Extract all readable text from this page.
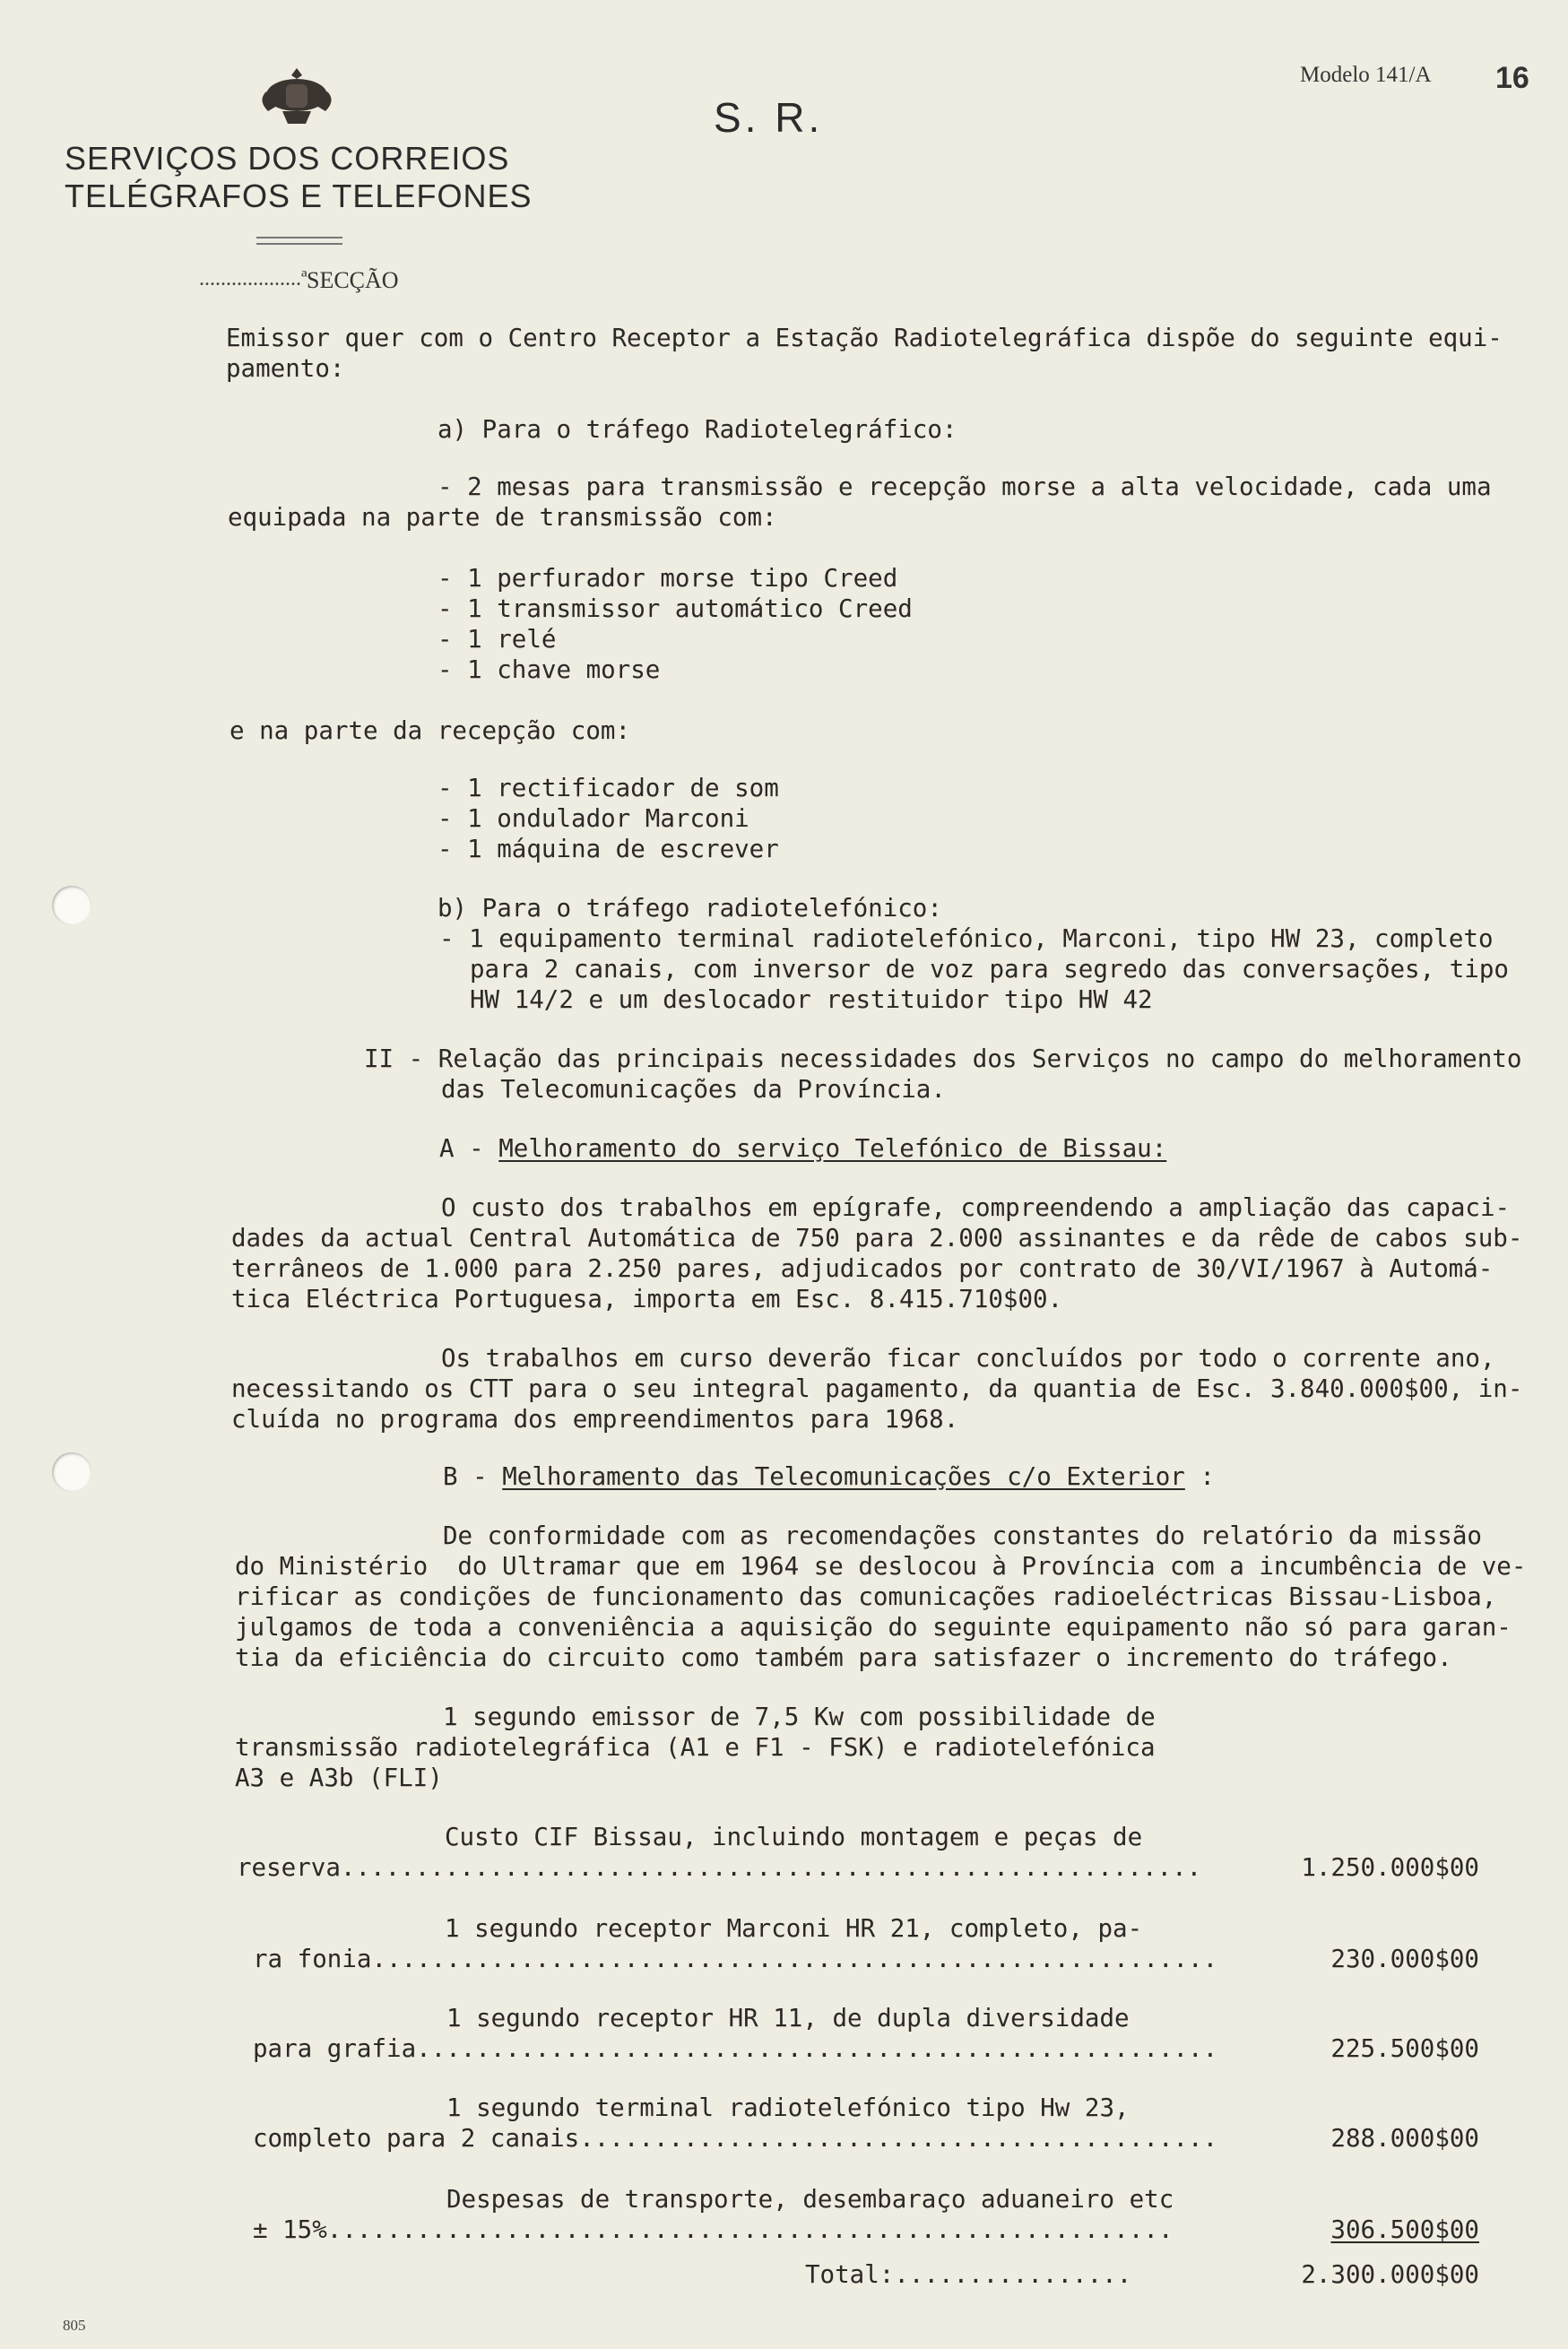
SERVIÇOS DOS CORREIOS
TELÉGRAFOS E TELEFONES
S. R.
Modelo 141/A 16
...................ª SECÇÃO
Emissor quer com o Centro Receptor a Estação Radiotelegráfica dispõe do seguinte equi-
pamento:
a) Para o tráfego Radiotelegráfico:
- 2 mesas para transmissão e recepção morse a alta velocidade, cada uma
equipada na parte de transmissão com:
- 1 perfurador morse tipo Creed
- 1 transmissor automático Creed
- 1 relé
- 1 chave morse
e na parte da recepção com:
- 1 rectificador de som
- 1 ondulador Marconi
- 1 máquina de escrever
b) Para o tráfego radiotelefónico:
- 1 equipamento terminal radiotelefónico, Marconi, tipo HW 23, completo
para 2 canais, com inversor de voz para segredo das conversações, tipo
HW 14/2 e um deslocador restituidor tipo HW 42
II - Relação das principais necessidades dos Serviços no campo do melhoramento
das Telecomunicações da Província.
A - Melhoramento do serviço Telefónico de Bissau:
O custo dos trabalhos em epígrafe, compreendendo a ampliação das capaci-
dades da actual Central Automática de 750 para 2.000 assinantes e da rêde de cabos sub-
terrâneos de 1.000 para 2.250 pares, adjudicados por contrato de 30/VI/1967 à Automá-
tica Eléctrica Portuguesa, importa em Esc. 8.415.710$00.
Os trabalhos em curso deverão ficar concluídos por todo o corrente ano,
necessitando os CTT para o seu integral pagamento, da quantia de Esc. 3.840.000$00, in-
cluída no programa dos empreendimentos para 1968.
B - Melhoramento das Telecomunicações c/o Exterior :
De conformidade com as recomendações constantes do relatório da missão
do Ministério  do Ultramar que em 1964 se deslocou à Província com a incumbência de ve-
rificar as condições de funcionamento das comunicações radioeléctricas Bissau-Lisboa,
julgamos de toda a conveniência a aquisição do seguinte equipamento não só para garan-
tia da eficiência do circuito como também para satisfazer o incremento do tráfego.
1 segundo emissor de 7,5 Kw com possibilidade de
transmissão radiotelegráfica (A1 e F1 - FSK) e radiotelefónica
A3 e A3b (FLI)
Custo CIF Bissau, incluindo montagem e peças de
reserva..........................................................	1.250.000$00
1 segundo receptor Marconi HR 21, completo, pa-
ra fonia.........................................................	230.000$00
1 segundo receptor HR 11, de dupla diversidade
para grafia......................................................	225.500$00
1 segundo terminal radiotelefónico tipo Hw 23,
completo para 2 canais...........................................	288.000$00
Despesas de transporte, desembaraço aduaneiro etc
± 15%.........................................................	306.500$00
Total:................	2.300.000$00
805
